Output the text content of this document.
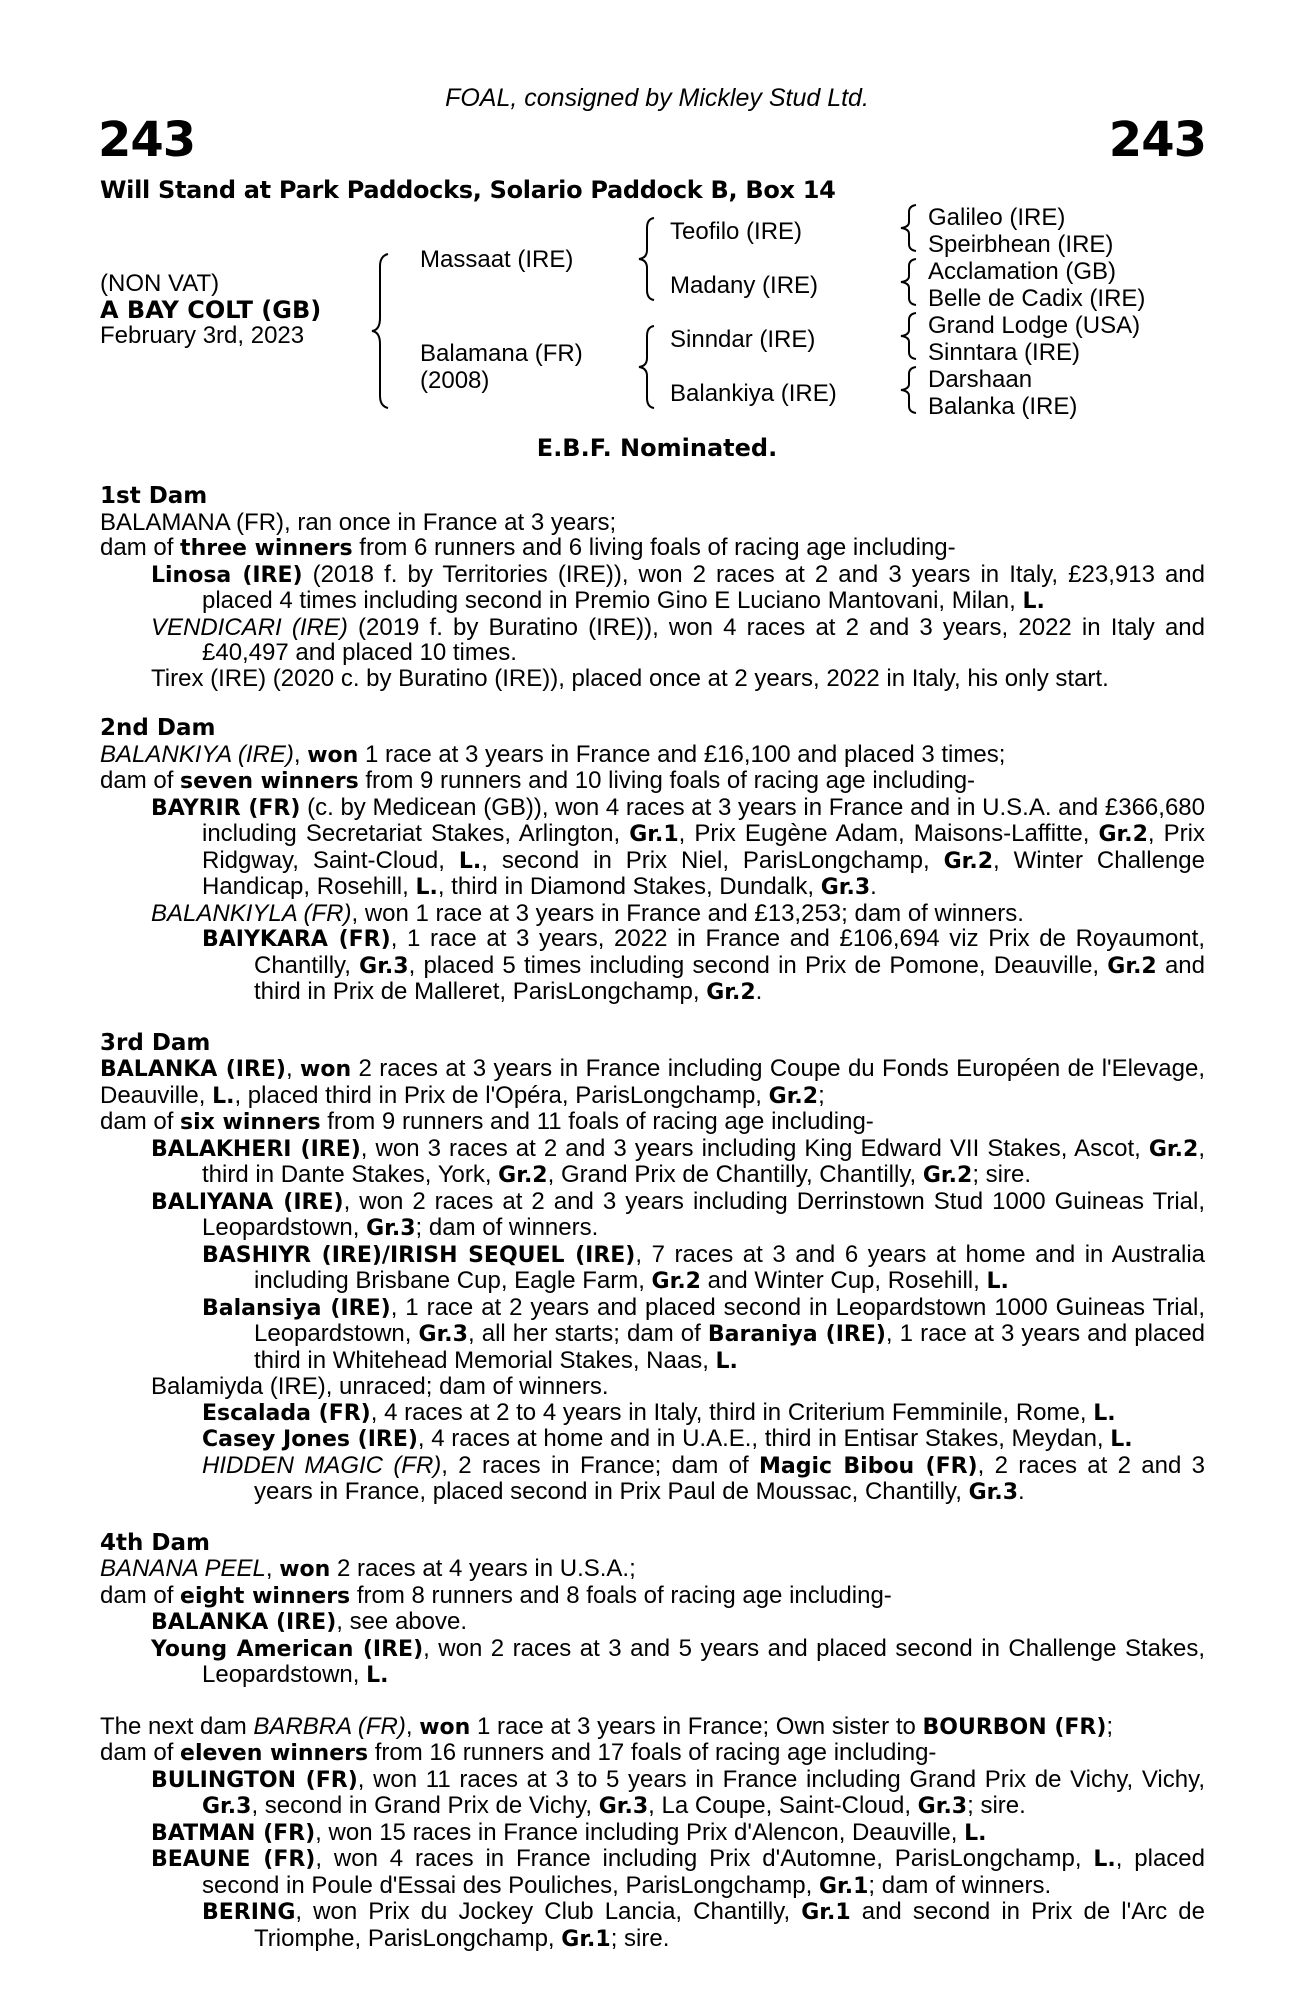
FOAL, consigned by Mickley Stud Ltd.
243	243
Will Stand at Park Paddocks, Solario Paddock B, Box 14
(NON VAT)
A BAY COLT (GB)
February 3rd, 2023
Massaat (IRE)
Balamana (FR)
(2008)
Teofilo (IRE)
Madany (IRE)
Sinndar (IRE)
Balankiya (IRE)
Galileo (IRE)
Speirbhean (IRE)
Acclamation (GB)
Belle de Cadix (IRE)
Grand Lodge (USA)
Sinntara (IRE)
Darshaan
Balanka (IRE)
E.B.F. Nominated.
1st Dam

BALAMANA (FR), ran once in France at 3 years;

dam of three winners from 6 runners and 6 living foals of racing age including-

Linosa (IRE) (2018 f. by Territories (IRE)), won 2 races at 2 and 3 years in Italy, £23,913 and placed 4 times including second in Premio Gino E Luciano Mantovani, Milan, L.

VENDICARI (IRE) (2019 f. by Buratino (IRE)), won 4 races at 2 and 3 years, 2022 in Italy and £40,497 and placed 10 times.

Tirex (IRE) (2020 c. by Buratino (IRE)), placed once at 2 years, 2022 in Italy, his only start.

2nd Dam

BALANKIYA (IRE), won 1 race at 3 years in France and £16,100 and placed 3 times;

dam of seven winners from 9 runners and 10 living foals of racing age including-

BAYRIR (FR) (c. by Medicean (GB)), won 4 races at 3 years in France and in U.S.A. and £366,680 including Secretariat Stakes, Arlington, Gr.1, Prix Eugène Adam, Maisons-Laffitte, Gr.2, Prix Ridgway, Saint-Cloud, L., second in Prix Niel, ParisLongchamp, Gr.2, Winter Challenge Handicap, Rosehill, L., third in Diamond Stakes, Dundalk, Gr.3.

BALANKIYLA (FR), won 1 race at 3 years in France and £13,253; dam of winners.

BAIYKARA (FR), 1 race at 3 years, 2022 in France and £106,694 viz Prix de Royaumont, Chantilly, Gr.3, placed 5 times including second in Prix de Pomone, Deauville, Gr.2 and third in Prix de Malleret, ParisLongchamp, Gr.2.

3rd Dam

BALANKA (IRE), won 2 races at 3 years in France including Coupe du Fonds Européen de l'Elevage, Deauville, L., placed third in Prix de l'Opéra, ParisLongchamp, Gr.2;

dam of six winners from 9 runners and 11 foals of racing age including-

BALAKHERI (IRE), won 3 races at 2 and 3 years including King Edward VII Stakes, Ascot, Gr.2, third in Dante Stakes, York, Gr.2, Grand Prix de Chantilly, Chantilly, Gr.2; sire.

BALIYANA (IRE), won 2 races at 2 and 3 years including Derrinstown Stud 1000 Guineas Trial, Leopardstown, Gr.3; dam of winners.

BASHIYR (IRE)/IRISH SEQUEL (IRE), 7 races at 3 and 6 years at home and in Australia including Brisbane Cup, Eagle Farm, Gr.2 and Winter Cup, Rosehill, L.

Balansiya (IRE), 1 race at 2 years and placed second in Leopardstown 1000 Guineas Trial, Leopardstown, Gr.3, all her starts; dam of Baraniya (IRE), 1 race at 3 years and placed third in Whitehead Memorial Stakes, Naas, L.

Balamiyda (IRE), unraced; dam of winners.

Escalada (FR), 4 races at 2 to 4 years in Italy, third in Criterium Femminile, Rome, L.

Casey Jones (IRE), 4 races at home and in U.A.E., third in Entisar Stakes, Meydan, L.

HIDDEN MAGIC (FR), 2 races in France; dam of Magic Bibou (FR), 2 races at 2 and 3 years in France, placed second in Prix Paul de Moussac, Chantilly, Gr.3.

4th Dam

BANANA PEEL, won 2 races at 4 years in U.S.A.;

dam of eight winners from 8 runners and 8 foals of racing age including-

BALANKA (IRE), see above.

Young American (IRE), won 2 races at 3 and 5 years and placed second in Challenge Stakes, Leopardstown, L.

The next dam BARBRA (FR), won 1 race at 3 years in France; Own sister to BOURBON (FR);

dam of eleven winners from 16 runners and 17 foals of racing age including-

BULINGTON (FR), won 11 races at 3 to 5 years in France including Grand Prix de Vichy, Vichy, Gr.3, second in Grand Prix de Vichy, Gr.3, La Coupe, Saint-Cloud, Gr.3; sire.

BATMAN (FR), won 15 races in France including Prix d'Alencon, Deauville, L.

BEAUNE (FR), won 4 races in France including Prix d'Automne, ParisLongchamp, L., placed second in Poule d'Essai des Pouliches, ParisLongchamp, Gr.1; dam of winners.

BERING, won Prix du Jockey Club Lancia, Chantilly, Gr.1 and second in Prix de l'Arc de Triomphe, ParisLongchamp, Gr.1; sire.
